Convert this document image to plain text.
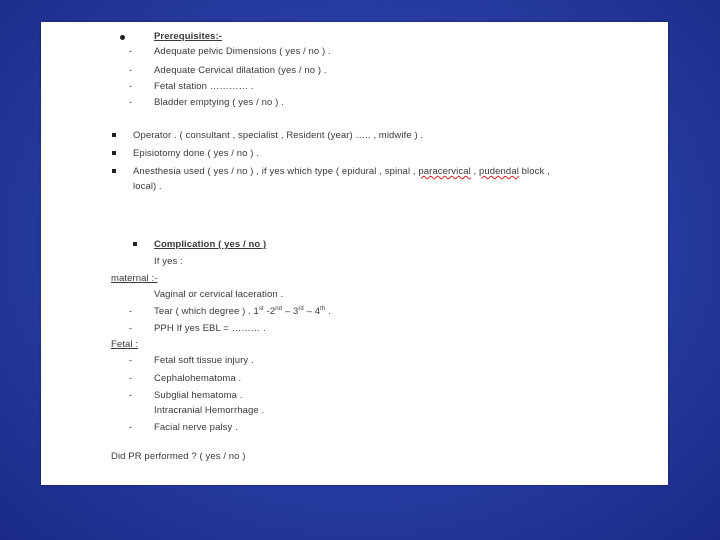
Prerequisites:-
- Adequate pelvic Dimensions ( yes / no ) .
- Adequate Cervical dilatation (yes / no ) .
- Fetal station ………… .
- Bladder emptying ( yes / no ) .
Operator . ( consultant , specialist , Resident (year) ….. , midwife ) .
Episiotomy done ( yes / no ) .
Anesthesia used ( yes / no ) , if yes which type ( epidural , spinal , paracervical , pudendal block ,
local) .
Complication ( yes / no )
If yes :
maternal :-
Vaginal or cervical laceration .
- Tear ( which degree ) . 1st -2nd – 3rd – 4th .
- PPH If yes EBL = ……… .
Fetal :
- Fetal soft tissue injury .
- Cephalohematoma .
- Subglial hematoma .
Intracranial Hemorrhage .
- Facial nerve palsy .
Did PR performed ? ( yes / no )
